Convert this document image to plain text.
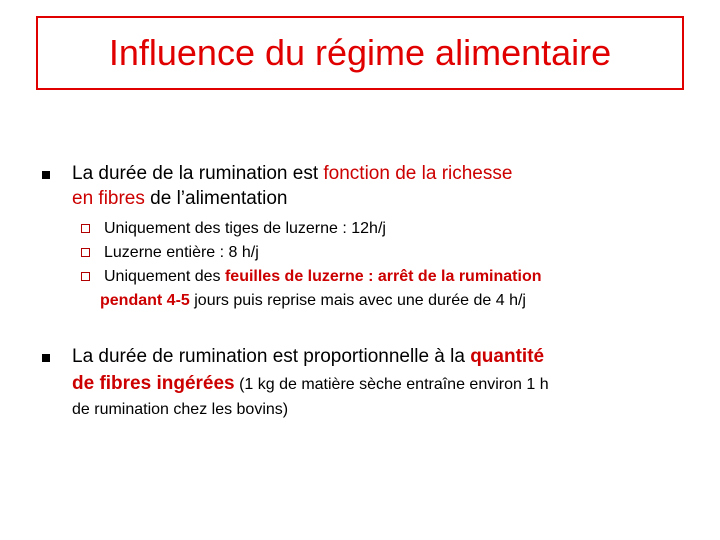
Influence du régime alimentaire
La durée de la rumination est fonction de la richesse
en fibres de l’alimentation
Uniquement des tiges de luzerne : 12h/j
Luzerne entière : 8 h/j
Uniquement des feuilles de luzerne : arrêt de la rumination
pendant 4-5 jours puis reprise mais avec une durée de 4 h/j
La durée de rumination est proportionnelle à la quantité
de fibres ingérées (1 kg de matière sèche entraîne environ 1 h
de rumination chez les bovins)
